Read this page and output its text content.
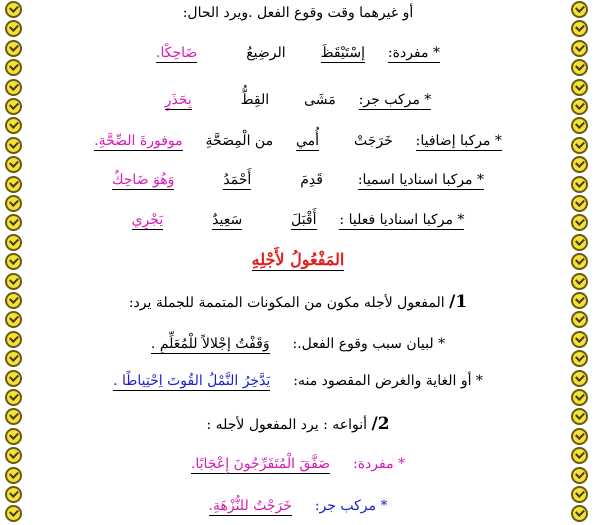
أو غيرهما وقت وقوع الفعل .ويرد الحال:
* مفردة:  إسْتَيْقَظَ  الرضِيعُ  ضَاحِكًا.
* مركب جر:  مَشَى  القِطُّ  بِحَذَرٍ
* مركبا إضافيا:  خَرَجَتْ  أُمي  من الْمِصَحَّةِ  موفورةَ الصِّحَّةِ.
* مركبا اسناديا اسميا:  قَدِمَ  أَحْمَدُ  وَهُوَ ضَاحِكٌ
* مركبا اسناديا فعليا :  أَقْبَلَ  سَعِيدٌ  يَجْرِي
المَفْعُولُ لأَجْلِهِ
1/ المفعول لأجله مكون من المكونات المتممة للجملة يرد:
* لبيان سبب وقوع الفعل.:  وَقَفْتُ إجْلالاً للْمُعَلِّمِ .
* أو الغاية والغرض المقصود منه:  يَدَّخِرُ النَّمْلُ القُوتَ اِحْتِياطًا .
2/ أنواعه : يرد المفعول لأجله :
* مفردة:  صَفَّقَ الْمُتَفَرِّجُونَ إِعْجَابًا.
* مركب جر:  خَرَجْتُ للنُّزْهَةِ.
